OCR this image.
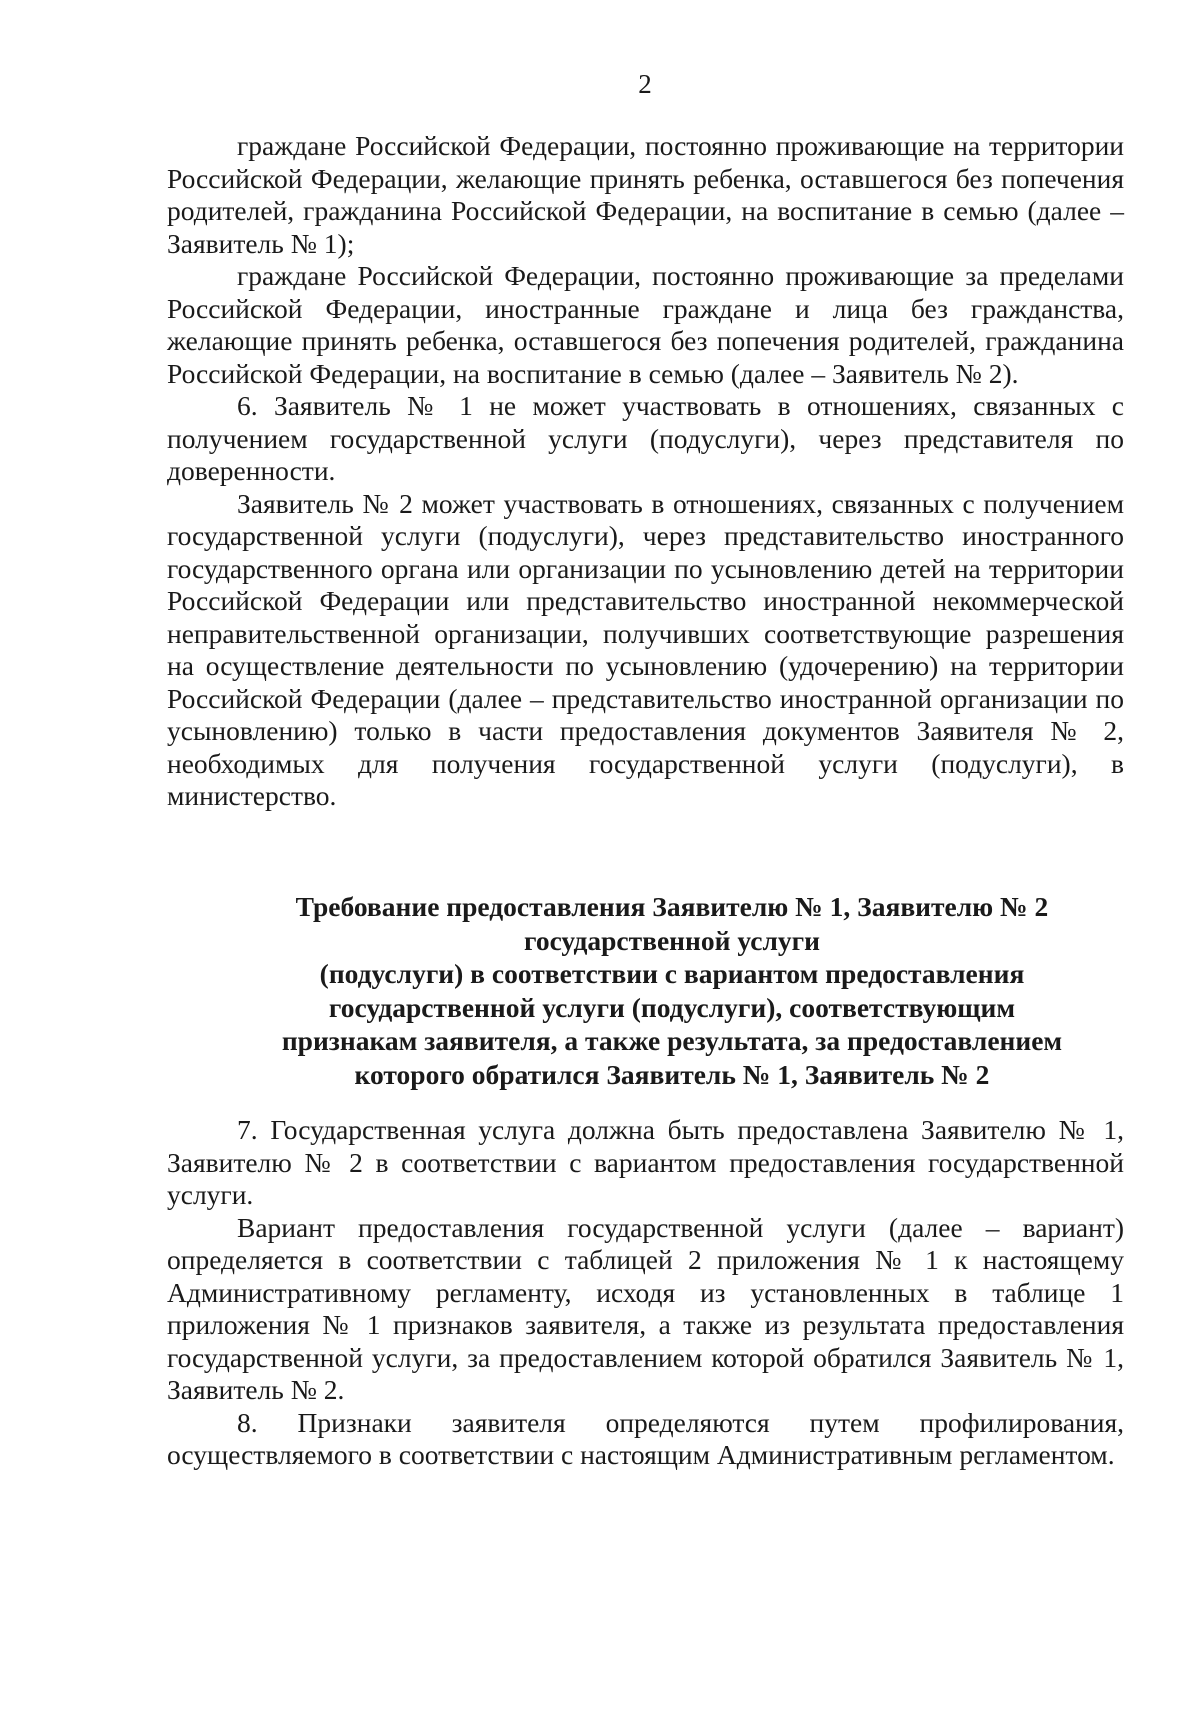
2

граждане Российской Федерации, постоянно проживающие на территории Российской Федерации, желающие принять ребенка, оставшегося без попечения родителей, гражданина Российской Федерации, на воспитание в семью (далее – Заявитель № 1);

граждане Российской Федерации, постоянно проживающие за пределами Российской Федерации, иностранные граждане и лица без гражданства, желающие принять ребенка, оставшегося без попечения родителей, гражданина Российской Федерации, на воспитание в семью (далее – Заявитель № 2).

6. Заявитель № 1 не может участвовать в отношениях, связанных с получением государственной услуги (подуслуги), через представителя по доверенности.

Заявитель № 2 может участвовать в отношениях, связанных с получением государственной услуги (подуслуги), через представительство иностранного государственного органа или организации по усыновлению детей на территории Российской Федерации или представительство иностранной некоммерческой неправительственной организации, получивших соответствующие разрешения на осуществление деятельности по усыновлению (удочерению) на территории Российской Федерации (далее – представительство иностранной организации по усыновлению) только в части предоставления документов Заявителя № 2, необходимых для получения государственной услуги (подуслуги), в министерство.

Требование предоставления Заявителю № 1, Заявителю № 2

государственной услуги

(подуслуги) в соответствии с вариантом предоставления

государственной услуги (подуслуги), соответствующим

признакам заявителя, а также результата, за предоставлением

которого обратился Заявитель № 1, Заявитель № 2

7. Государственная услуга должна быть предоставлена Заявителю № 1, Заявителю № 2 в соответствии с вариантом предоставления государственной услуги.

Вариант предоставления государственной услуги (далее – вариант) определяется в соответствии с таблицей 2 приложения № 1 к настоящему Административному регламенту, исходя из установленных в таблице 1 приложения № 1 признаков заявителя, а также из результата предоставления государственной услуги, за предоставлением которой обратился Заявитель № 1, Заявитель № 2.

8. Признаки заявителя определяются путем профилирования, осуществляемого в соответствии с настоящим Административным регламентом.
